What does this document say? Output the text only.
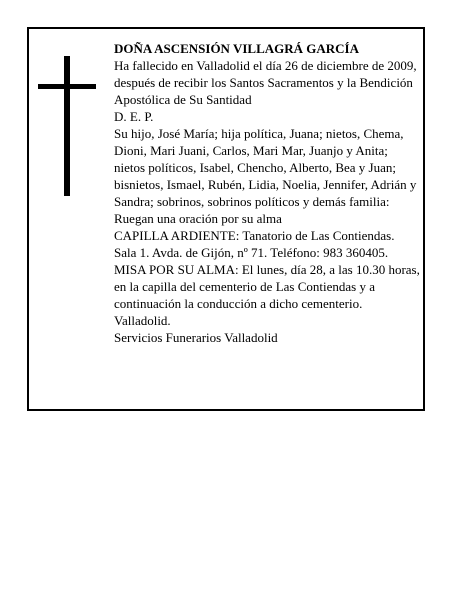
DOÑA ASCENSIÓN VILLAGRÁ GARCÍA

Ha fallecido en Valladolid el día 26 de diciembre de 2009, después de recibir los Santos Sacramentos y la Bendición Apostólica de Su Santidad

D. E. P.

Su hijo, José María; hija política, Juana; nietos, Chema, Dioni, Mari Juani, Carlos, Mari Mar, Juanjo y Anita; nietos políticos, Isabel, Chencho, Alberto, Bea y Juan; bisnietos, Ismael, Rubén, Lidia, Noelia, Jennifer, Adrián y Sandra; sobrinos, sobrinos políticos y demás familia:

Ruegan una oración por su alma

CAPILLA ARDIENTE: Tanatorio de Las Contiendas. Sala 1. Avda. de Gijón, nº 71. Teléfono: 983 360405.

MISA POR SU ALMA: El lunes, día 28, a las 10.30 horas, en la capilla del cementerio de Las Contiendas y a continuación la conducción a dicho cementerio.

Valladolid.

Servicios Funerarios Valladolid
